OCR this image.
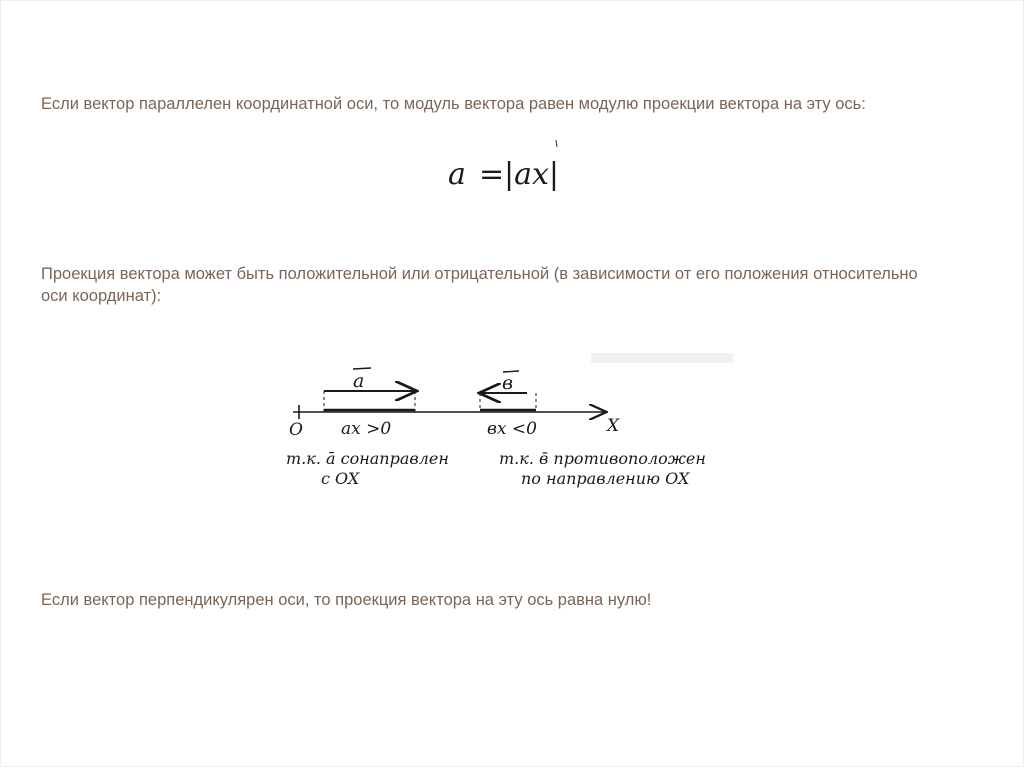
Если вектор параллелен координатной оси, то модуль вектора равен модулю проекции вектора на эту ось:
a = |ax|
Проекция вектора может быть положительной или отрицательной (в зависимости от его положения относительно оси координат):
O	X
a
ax >0
в
вx <0
т.к. ā сонаправлен
с OX
т.к. в̄ противоположен
по направлению OX
Если вектор перпендикулярен оси, то проекция вектора на эту ось равна нулю!
